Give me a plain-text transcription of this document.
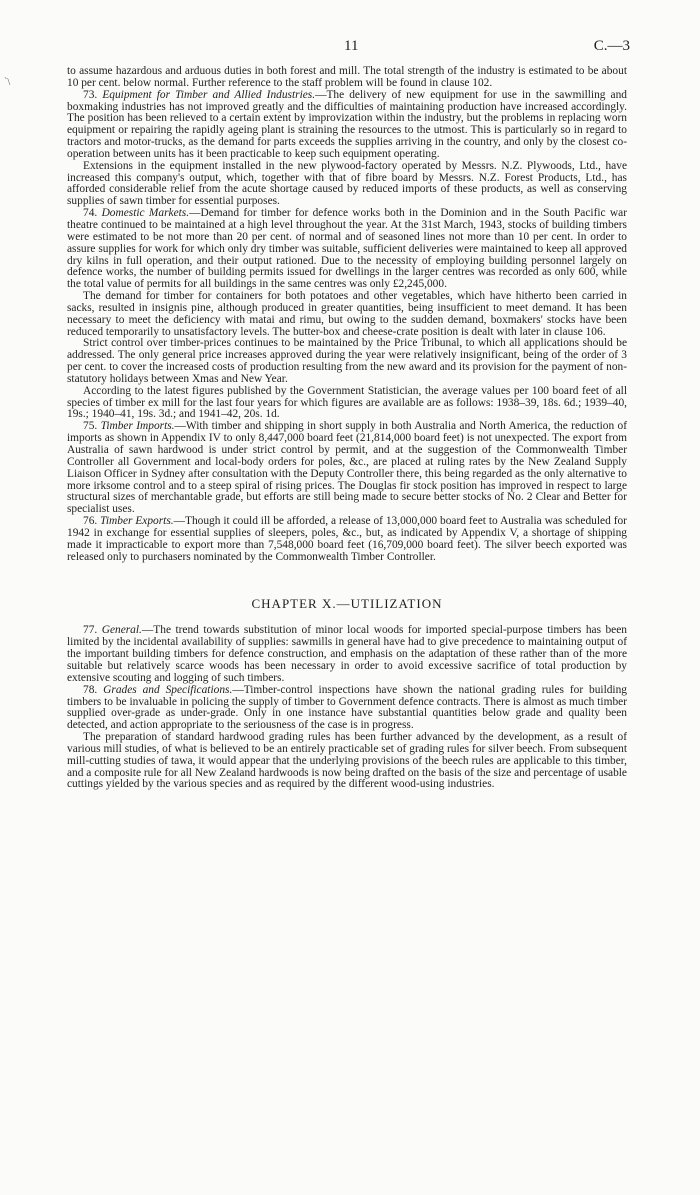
11	C.—3
`\

to assume hazardous and arduous duties in both forest and mill. The total strength of the industry is estimated to be about 10 per cent. below normal. Further reference to the staff problem will be found in clause 102.

73. Equipment for Timber and Allied Industries.—The delivery of new equipment for use in the sawmilling and boxmaking industries has not improved greatly and the difficulties of maintaining production have increased accordingly. The position has been relieved to a certain extent by improvization within the industry, but the problems in replacing worn equipment or repairing the rapidly ageing plant is straining the resources to the utmost. This is particularly so in regard to tractors and motor-trucks, as the demand for parts exceeds the supplies arriving in the country, and only by the closest co-operation between units has it been practicable to keep such equipment operating.

Extensions in the equipment installed in the new plywood-factory operated by Messrs. N.Z. Plywoods, Ltd., have increased this company's output, which, together with that of fibre board by Messrs. N.Z. Forest Products, Ltd., has afforded considerable relief from the acute shortage caused by reduced imports of these products, as well as conserving supplies of sawn timber for essential purposes.

74. Domestic Markets.—Demand for timber for defence works both in the Dominion and in the South Pacific war theatre continued to be maintained at a high level throughout the year. At the 31st March, 1943, stocks of building timbers were estimated to be not more than 20 per cent. of normal and of seasoned lines not more than 10 per cent. In order to assure supplies for work for which only dry timber was suitable, sufficient deliveries were maintained to keep all approved dry kilns in full operation, and their output rationed. Due to the necessity of employing building personnel largely on defence works, the number of building permits issued for dwellings in the larger centres was recorded as only 600, while the total value of permits for all buildings in the same centres was only £2,245,000.

The demand for timber for containers for both potatoes and other vegetables, which have hitherto been carried in sacks, resulted in insignis pine, although produced in greater quantities, being insufficient to meet demand. It has been necessary to meet the deficiency with matai and rimu, but owing to the sudden demand, boxmakers' stocks have been reduced temporarily to unsatisfactory levels. The butter-box and cheese-crate position is dealt with later in clause 106.

Strict control over timber-prices continues to be maintained by the Price Tribunal, to which all applications should be addressed. The only general price increases approved during the year were relatively insignificant, being of the order of 3 per cent. to cover the increased costs of production resulting from the new award and its provision for the payment of non-statutory holidays between Xmas and New Year.

According to the latest figures published by the Government Statistician, the average values per 100 board feet of all species of timber ex mill for the last four years for which figures are available are as follows: 1938–39, 18s. 6d.; 1939–40, 19s.; 1940–41, 19s. 3d.; and 1941–42, 20s. 1d.

75. Timber Imports.—With timber and shipping in short supply in both Australia and North America, the reduction of imports as shown in Appendix IV to only 8,447,000 board feet (21,814,000 board feet) is not unexpected. The export from Australia of sawn hardwood is under strict control by permit, and at the suggestion of the Commonwealth Timber Controller all Government and local-body orders for poles, &c., are placed at ruling rates by the New Zealand Supply Liaison Officer in Sydney after consultation with the Deputy Controller there, this being regarded as the only alternative to more irksome control and to a steep spiral of rising prices. The Douglas fir stock position has improved in respect to large structural sizes of merchantable grade, but efforts are still being made to secure better stocks of No. 2 Clear and Better for specialist uses.

76. Timber Exports.—Though it could ill be afforded, a release of 13,000,000 board feet to Australia was scheduled for 1942 in exchange for essential supplies of sleepers, poles, &c., but, as indicated by Appendix V, a shortage of shipping made it impracticable to export more than 7,548,000 board feet (16,709,000 board feet). The silver beech exported was released only to purchasers nominated by the Commonwealth Timber Controller.

CHAPTER X.—UTILIZATION

77. General.—The trend towards substitution of minor local woods for imported special-purpose timbers has been limited by the incidental availability of supplies: sawmills in general have had to give precedence to maintaining output of the important building timbers for defence construction, and emphasis on the adaptation of these rather than of the more suitable but relatively scarce woods has been necessary in order to avoid excessive sacrifice of total production by extensive scouting and logging of such timbers.

78. Grades and Specifications.—Timber-control inspections have shown the national grading rules for building timbers to be invaluable in policing the supply of timber to Government defence contracts. There is almost as much timber supplied over-grade as under-grade. Only in one instance have substantial quantities below grade and quality been detected, and action appropriate to the seriousness of the case is in progress.

The preparation of standard hardwood grading rules has been further advanced by the development, as a result of various mill studies, of what is believed to be an entirely practicable set of grading rules for silver beech. From subsequent mill-cutting studies of tawa, it would appear that the underlying provisions of the beech rules are applicable to this timber, and a composite rule for all New Zealand hardwoods is now being drafted on the basis of the size and percentage of usable cuttings yielded by the various species and as required by the different wood-using industries.
